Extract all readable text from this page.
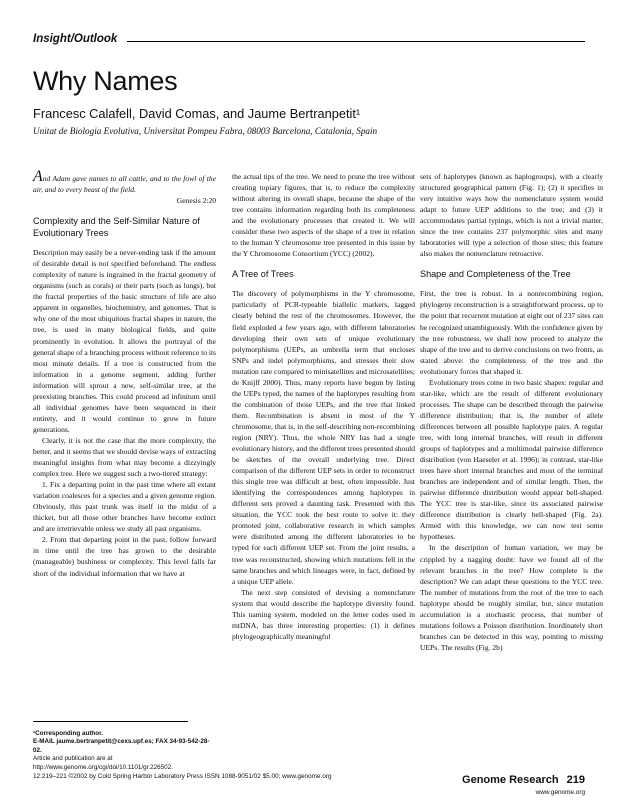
Insight/Outlook
Why Names
Francesc Calafell, David Comas, and Jaume Bertranpetit¹
Unitat de Biologia Evolutiva, Universitat Pompeu Fabra, 08003 Barcelona, Catalonia, Spain

And Adam gave names to all cattle, and to the fowl of the air, and to every beast of the field.

Genesis 2:20

Complexity and the Self-Similar Nature of Evolutionary Trees

Description may easily be a never-ending task if the amount of desirable detail is not specified beforehand. The endless complexity of nature is ingrained in the fractal geometry of organisms (such as corals) or their parts (such as lungs), but the fractal properties of the basic structure of life are also apparent in organelles, biochemistry, and genomes. That is why one of the most ubiquitous fractal shapes in nature, the tree, is used in many biological fields, and quite prominently in evolution. It allows the portrayal of the general shape of a branching process without reference to its most minute details. If a tree is constructed from the information in a genome segment, adding further information will sprout a new, self-similar tree, at the preexisting branches. This could proceed ad infinitum until all individual genomes have been sequenced in their entirety, and it would continue to grow in future generations.

Clearly, it is not the case that the more complexity, the better, and it seems that we should devise ways of extracting meaningful insights from what may become a dizzyingly complex tree. Here we suggest such a two-tiered strategy:

1. Fix a departing point in the past time where all extant variation coalesces for a species and a given genome region. Obviously, this past trunk was itself in the midst of a thicket, but all those other branches have become extinct and are irretrievable unless we study all past organisms.

2. From that departing point in the past, follow forward in time until the tree has grown to the desirable (manageable) bushiness or complexity. This level falls far short of the individual information that we have at

the actual tips of the tree. We need to prune the tree without creating topiary figures, that is, to reduce the complexity without altering its overall shape, because the shape of the tree contains information regarding both its completeness and the evolutionary processes that created it. We will consider these two aspects of the shape of a tree in relation to the human Y chromosome tree presented in this issue by the Y Chromosome Consortium (YCC) (2002).

A Tree of Trees

The discovery of polymorphisms in the Y chromosome, particularly of PCR-typeable biallelic markers, lagged clearly behind the rest of the chromosomes. However, the field exploded a few years ago, with different laboratories developing their own sets of unique evolutionary polymorphisms (UEPs, an umbrella term that encloses SNPs and indel polymorphisms, and stresses their slow mutation rate compared to minisatellites and microsatellites; de Knijff 2000). Thus, many reports have begun by listing the UEPs typed, the names of the haplotypes resulting from the combination of those UEPs, and the tree that linked them. Recombination is absent in most of the Y chromosome, that is, in the self-describing non-recombining region (NRY). Thus, the whole NRY has had a single evolutionary history, and the different trees presented should be sketches of the overall underlying tree. Direct comparison of the different UEP sets in order to reconstruct this single tree was difficult at best, often impossible. Just identifying the correspondences among haplotypes in different sets proved a daunting task. Presented with this situation, the YCC took the best route to solve it: they promoted joint, collaborative research in which samples were distributed among the different laboratories to be typed for each different UEP set. From the joint results, a tree was reconstructed, showing which mutations fell in the same branches and which lineages were, in fact, defined by a unique UEP allele.

The next step consisted of devising a nomenclature system that would describe the haplotype diversity found. This naming system, modeled on the letter codes used in mtDNA, has three interesting properties: (1) it defines phylogeographically meaningful

sets of haplotypes (known as haplogroups), with a clearly structured geographical pattern (Fig. 1); (2) it specifies in very intuitive ways how the nomenclature system would adapt to future UEP additions to the tree; and (3) it accommodates partial typings, which is not a trivial matter, since the tree contains 237 polymorphic sites and many laboratories will type a selection of those sites; this feature also makes the nomenclature retroactive.

Shape and Completeness of the Tree

First, the tree is robust. In a nonrecombining region, phylogeny reconstruction is a straightforward process, up to the point that recurrent mutation at eight out of 237 sites can be recognized unambiguously. With the confidence given by the tree robustness, we shall now proceed to analyze the shape of the tree and to derive conclusions on two fronts, as stated above: the completeness of the tree and the evolutionary forces that shaped it.

Evolutionary trees come in two basic shapes: regular and star-like, which are the result of different evolutionary processes. The shape can be described through the pairwise difference distribution; that is, the number of allele differences between all possible haplotype pairs. A regular tree, with long internal branches, will result in different groups of haplotypes and a multimodal pairwise difference distribution (von Haeseler et al. 1996); in contrast, star-like trees have short internal branches and most of the terminal branches are independent and of similar length. Then, the pairwise difference distribution would appear bell-shaped. The YCC tree is star-like, since its associated pairwise difference distribution is clearly bell-shaped (Fig. 2a). Armed with this knowledge, we can now test some hypotheses.

In the description of human variation, we may be crippled by a nagging doubt: have we found all of the relevant branches in the tree? How complete is the description? We can adapt these questions to the YCC tree. The number of mutations from the root of the tree to each haplotype should be roughly similar, but, since mutation accumulation is a stochastic process, that number of mutations follows a Poisson distribution. Inordinately short branches can be detected in this way, pointing to missing UEPs. The results (Fig. 2b)

¹Corresponding author.

E-MAIL jaume.bertranpetit@cexs.upf.es; FAX 34-93-542-28-02.

Article and publication are at http://www.genome.org/cgi/doi/10.1101/gr.226502.

12:219–221 ©2002 by Cold Spring Harbor Laboratory Press ISSN 1088-9051/02 $5.00; www.genome.org	Genome Research 219
www.genome.org
